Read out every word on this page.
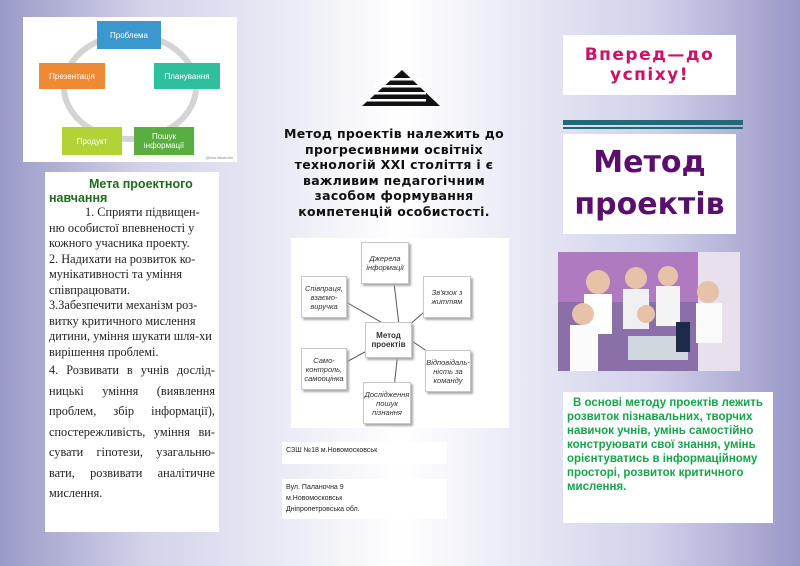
Проблема
Планування
Пошук інформації
Продукт
Презентація
@shu.lifestudio
Мета проектного
навчання

1. Сприяти підвищен-ню особистої впевненості у кожного учасника проекту.

2. Надихати на розвиток ко-мунікативності та уміння співпрацювати.

3.Забезпечити механізм роз-витку критичного мислення дитини, уміння шукати шля-хи вирішення проблемі.

4. Розвивати в учнів дослід-ницькі уміння (виявлення проблем, збір інформації), спостережливість, уміння ви-сувати гіпотези, узагальню-вати, розвивати аналітичне мислення.

Метод проектів належить до прогресивними освітніх технологій ХХІ століття і є важливим педагогічним засобом формування компетенцій особистості.
Метод проектів
Джерела інформації
Зв'язок з життям
Відповідаль-ність за команду
Дослідження пошук пізнання
Само-контроль, самооцінка
Співпраця, взаємо-виручка
СЗШ №18 м.Новомосковськ
Вул. Паланочна 9
м.Новомосковськ
Дніпропетровська обл.
Вперед—до успіху!
Метод проектів
В основі методу проектів лежить розвиток пізнавальних, творчих навичок учнів, умінь самостійно конструювати свої знання, умінь орієнтуватись в інформаційному просторі, розвиток критичного мислення.
